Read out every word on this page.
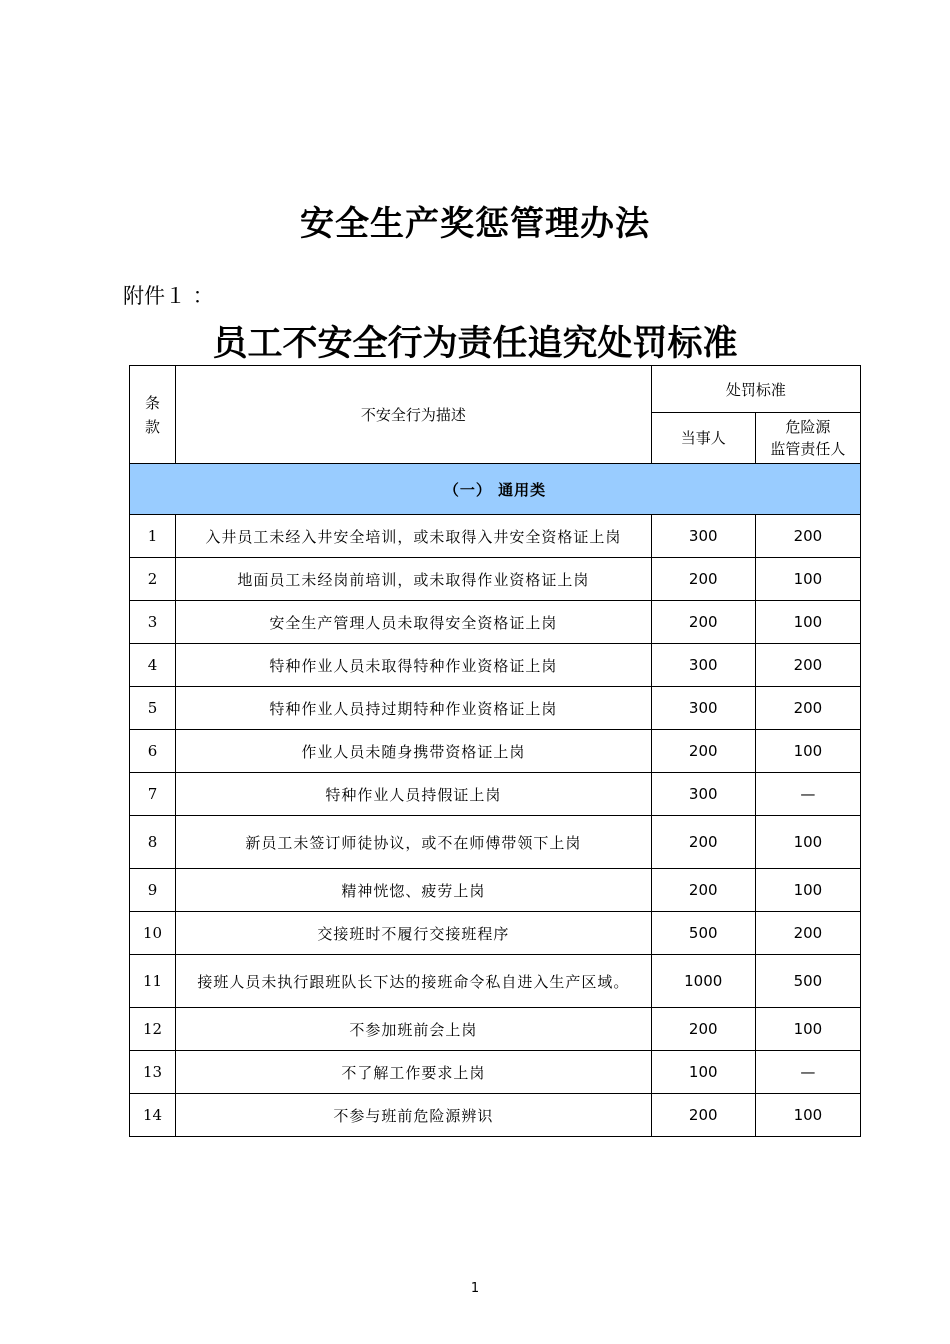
安全生产奖惩管理办法
附件１ ：
员工不安全行为责任追究处罚标准
条款	不安全行为描述	处罚标准	
		当事人	危险源
监管责任人

（一） 通用类			
1	入井员工未经入井安全培训，或未取得入井安全资格证上岗	300	200
2	地面员工未经岗前培训，或未取得作业资格证上岗	200	100
3	安全生产管理人员未取得安全资格证上岗	200	100
4	特种作业人员未取得特种作业资格证上岗	300	200
5	特种作业人员持过期特种作业资格证上岗	300	200
6	作业人员未随身携带资格证上岗	200	100
7	特种作业人员持假证上岗	300	—
8	新员工未签订师徒协议，或不在师傅带领下上岗	200	100
9	精神恍惚、疲劳上岗	200	100
10	交接班时不履行交接班程序	500	200
11	接班人员未执行跟班队长下达的接班命令私自进入生产区域。	1000	500
12	不参加班前会上岗	200	100
13	不了解工作要求上岗	100	—
14	不参与班前危险源辨识	200	100
1
